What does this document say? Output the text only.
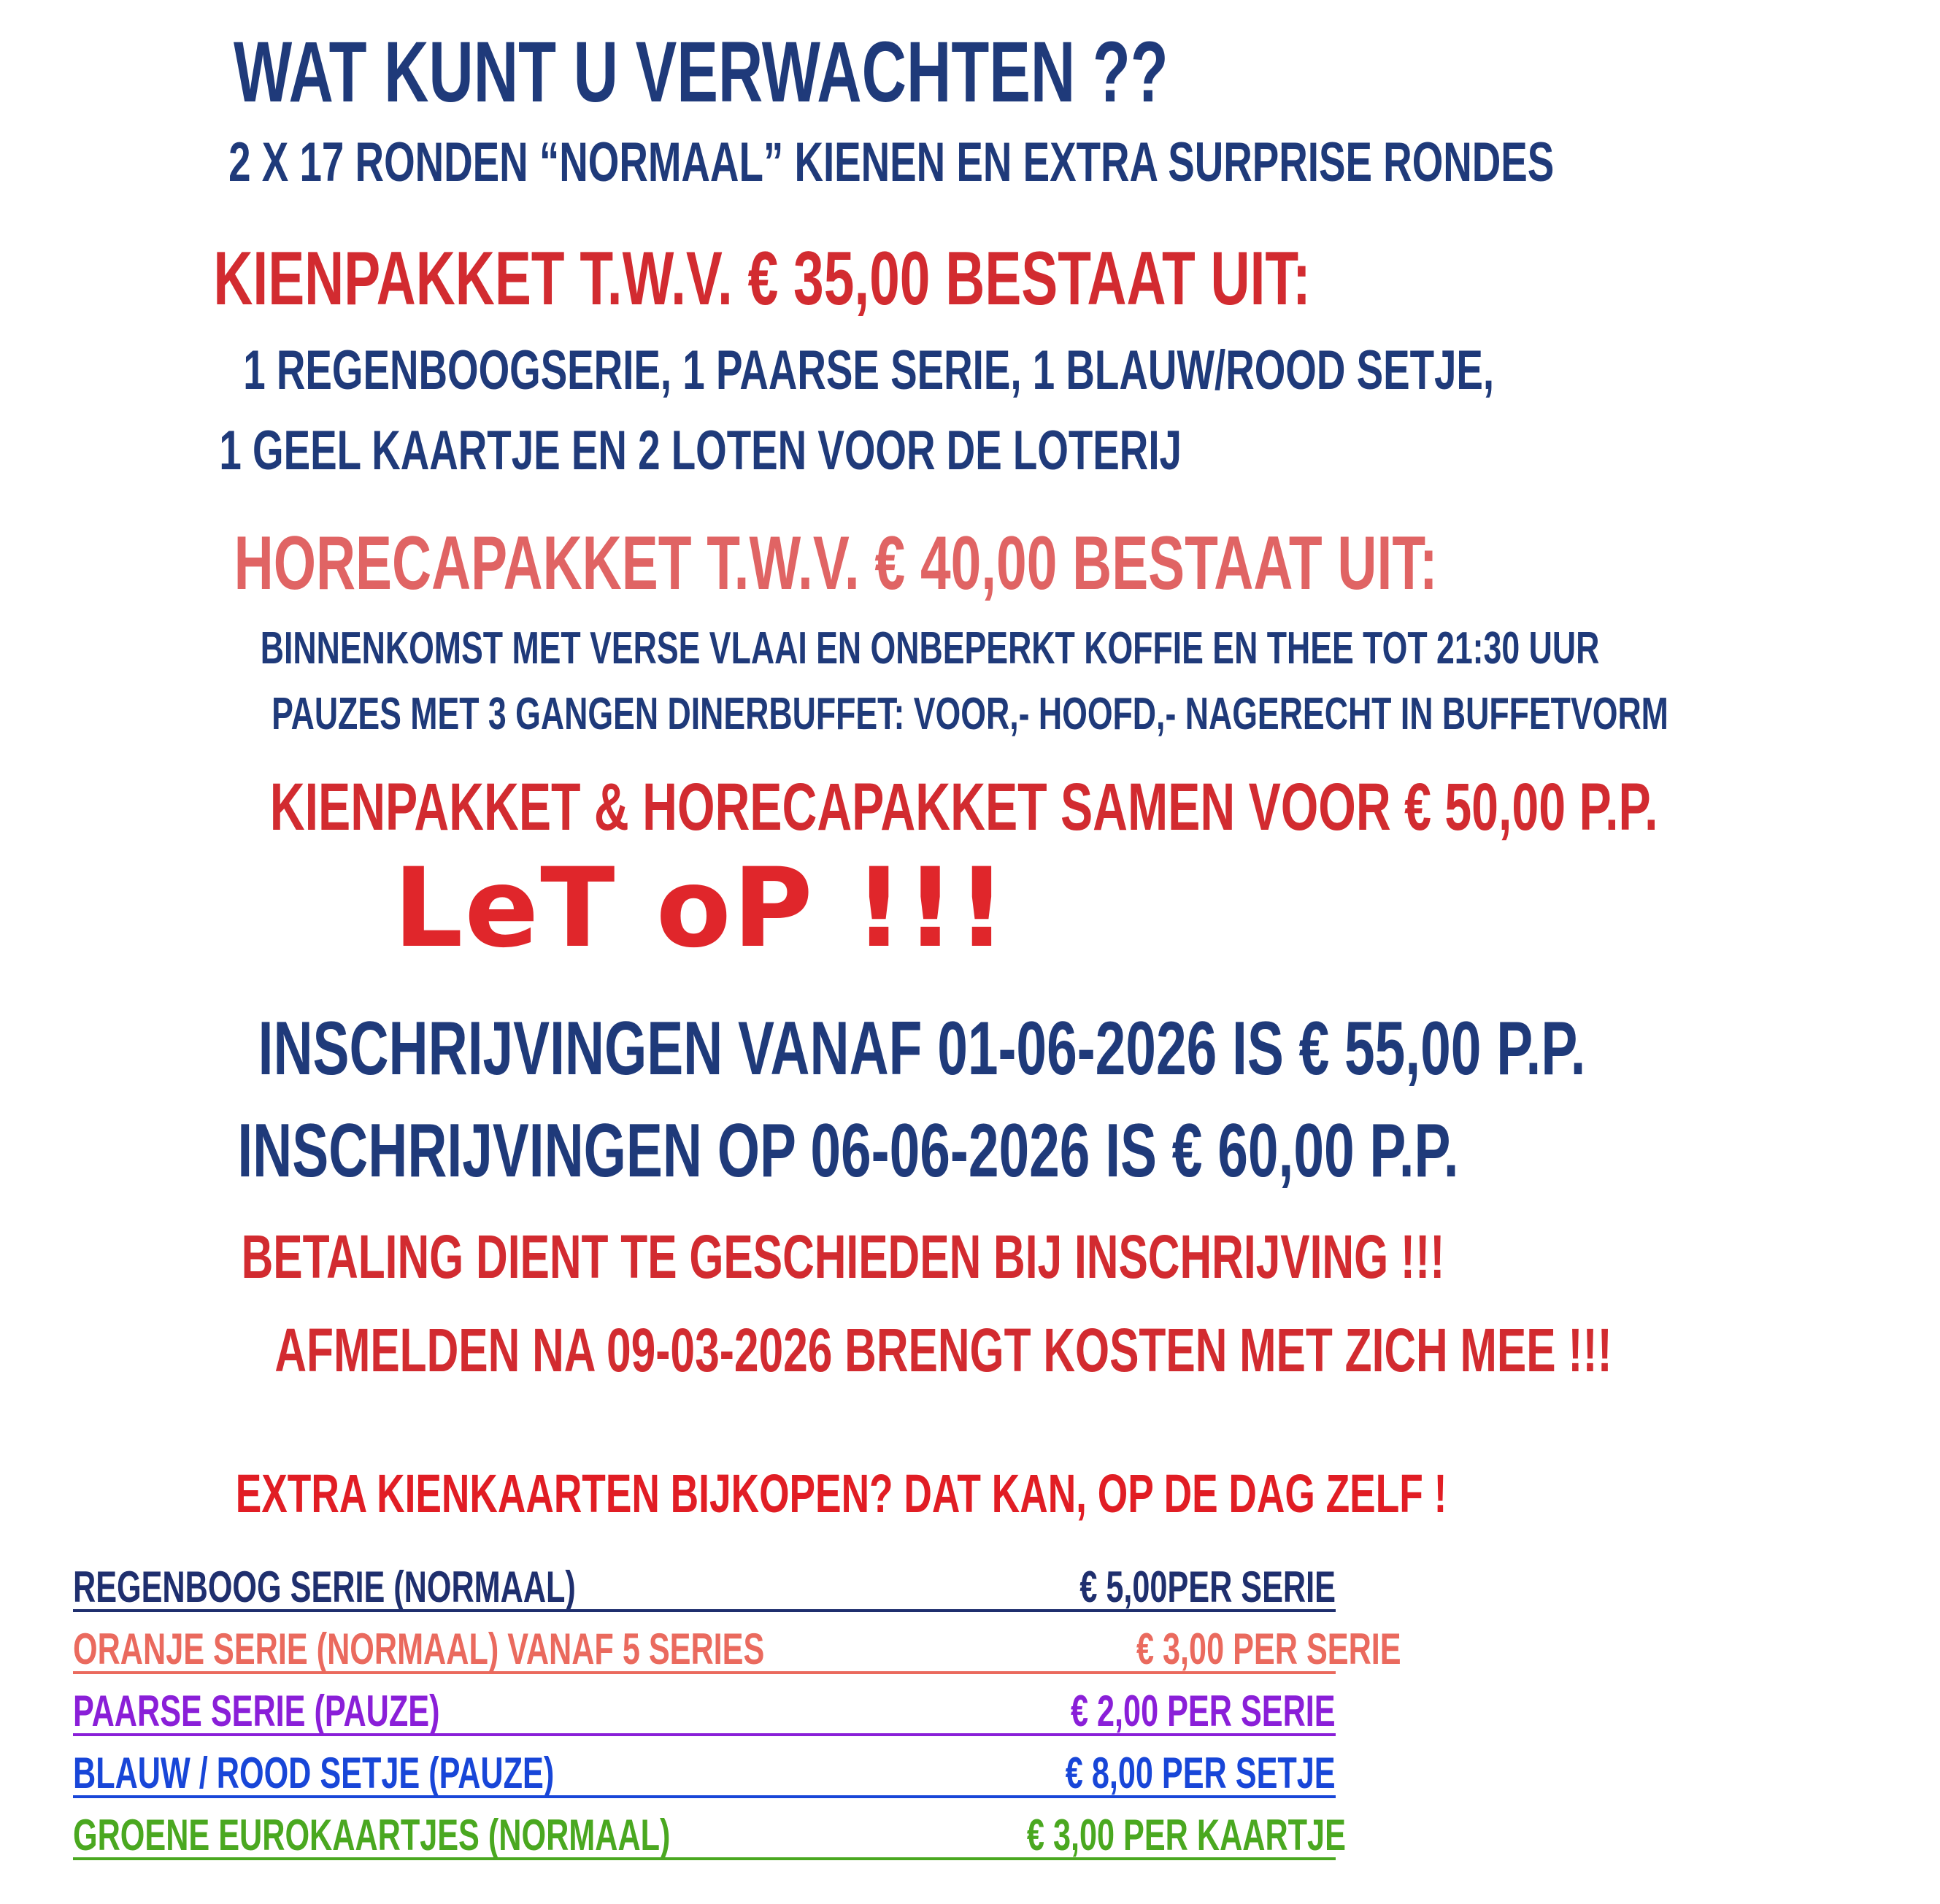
WAT KUNT U VERWACHTEN ??
2 X 17 RONDEN “NORMAAL” KIENEN EN EXTRA SURPRISE RONDES
KIENPAKKET T.W.V. € 35,00 BESTAAT UIT:
1 REGENBOOGSERIE, 1 PAARSE SERIE, 1 BLAUW/ROOD SETJE,
1 GEEL KAARTJE EN 2 LOTEN VOOR DE LOTERIJ
HORECAPAKKET T.W.V. € 40,00 BESTAAT UIT:
BINNENKOMST MET VERSE VLAAI EN ONBEPERKT KOFFIE EN THEE TOT 21:30 UUR
PAUZES MET 3 GANGEN DINERBUFFET: VOOR,- HOOFD,- NAGERECHT IN BUFFETVORM
KIENPAKKET & HORECAPAKKET SAMEN VOOR € 50,00 P.P.
LeT oP !!!
INSCHRIJVINGEN VANAF 01-06-2026 IS € 55,00 P.P.
INSCHRIJVINGEN OP 06-06-2026 IS € 60,00 P.P.
BETALING DIENT TE GESCHIEDEN BIJ INSCHRIJVING !!!
AFMELDEN NA 09-03-2026 BRENGT KOSTEN MET ZICH MEE !!!
EXTRA KIENKAARTEN BIJKOPEN? DAT KAN, OP DE DAG ZELF !
REGENBOOG SERIE (NORMAAL)	€ 5,00PER SERIE
ORANJE SERIE (NORMAAL) VANAF 5 SERIES	€ 3,00 PER SERIE
PAARSE SERIE (PAUZE)	€ 2,00 PER SERIE
BLAUW / ROOD SETJE (PAUZE)	€ 8,00 PER SETJE
GROENE EUROKAARTJES (NORMAAL)	€ 3,00 PER KAARTJE
